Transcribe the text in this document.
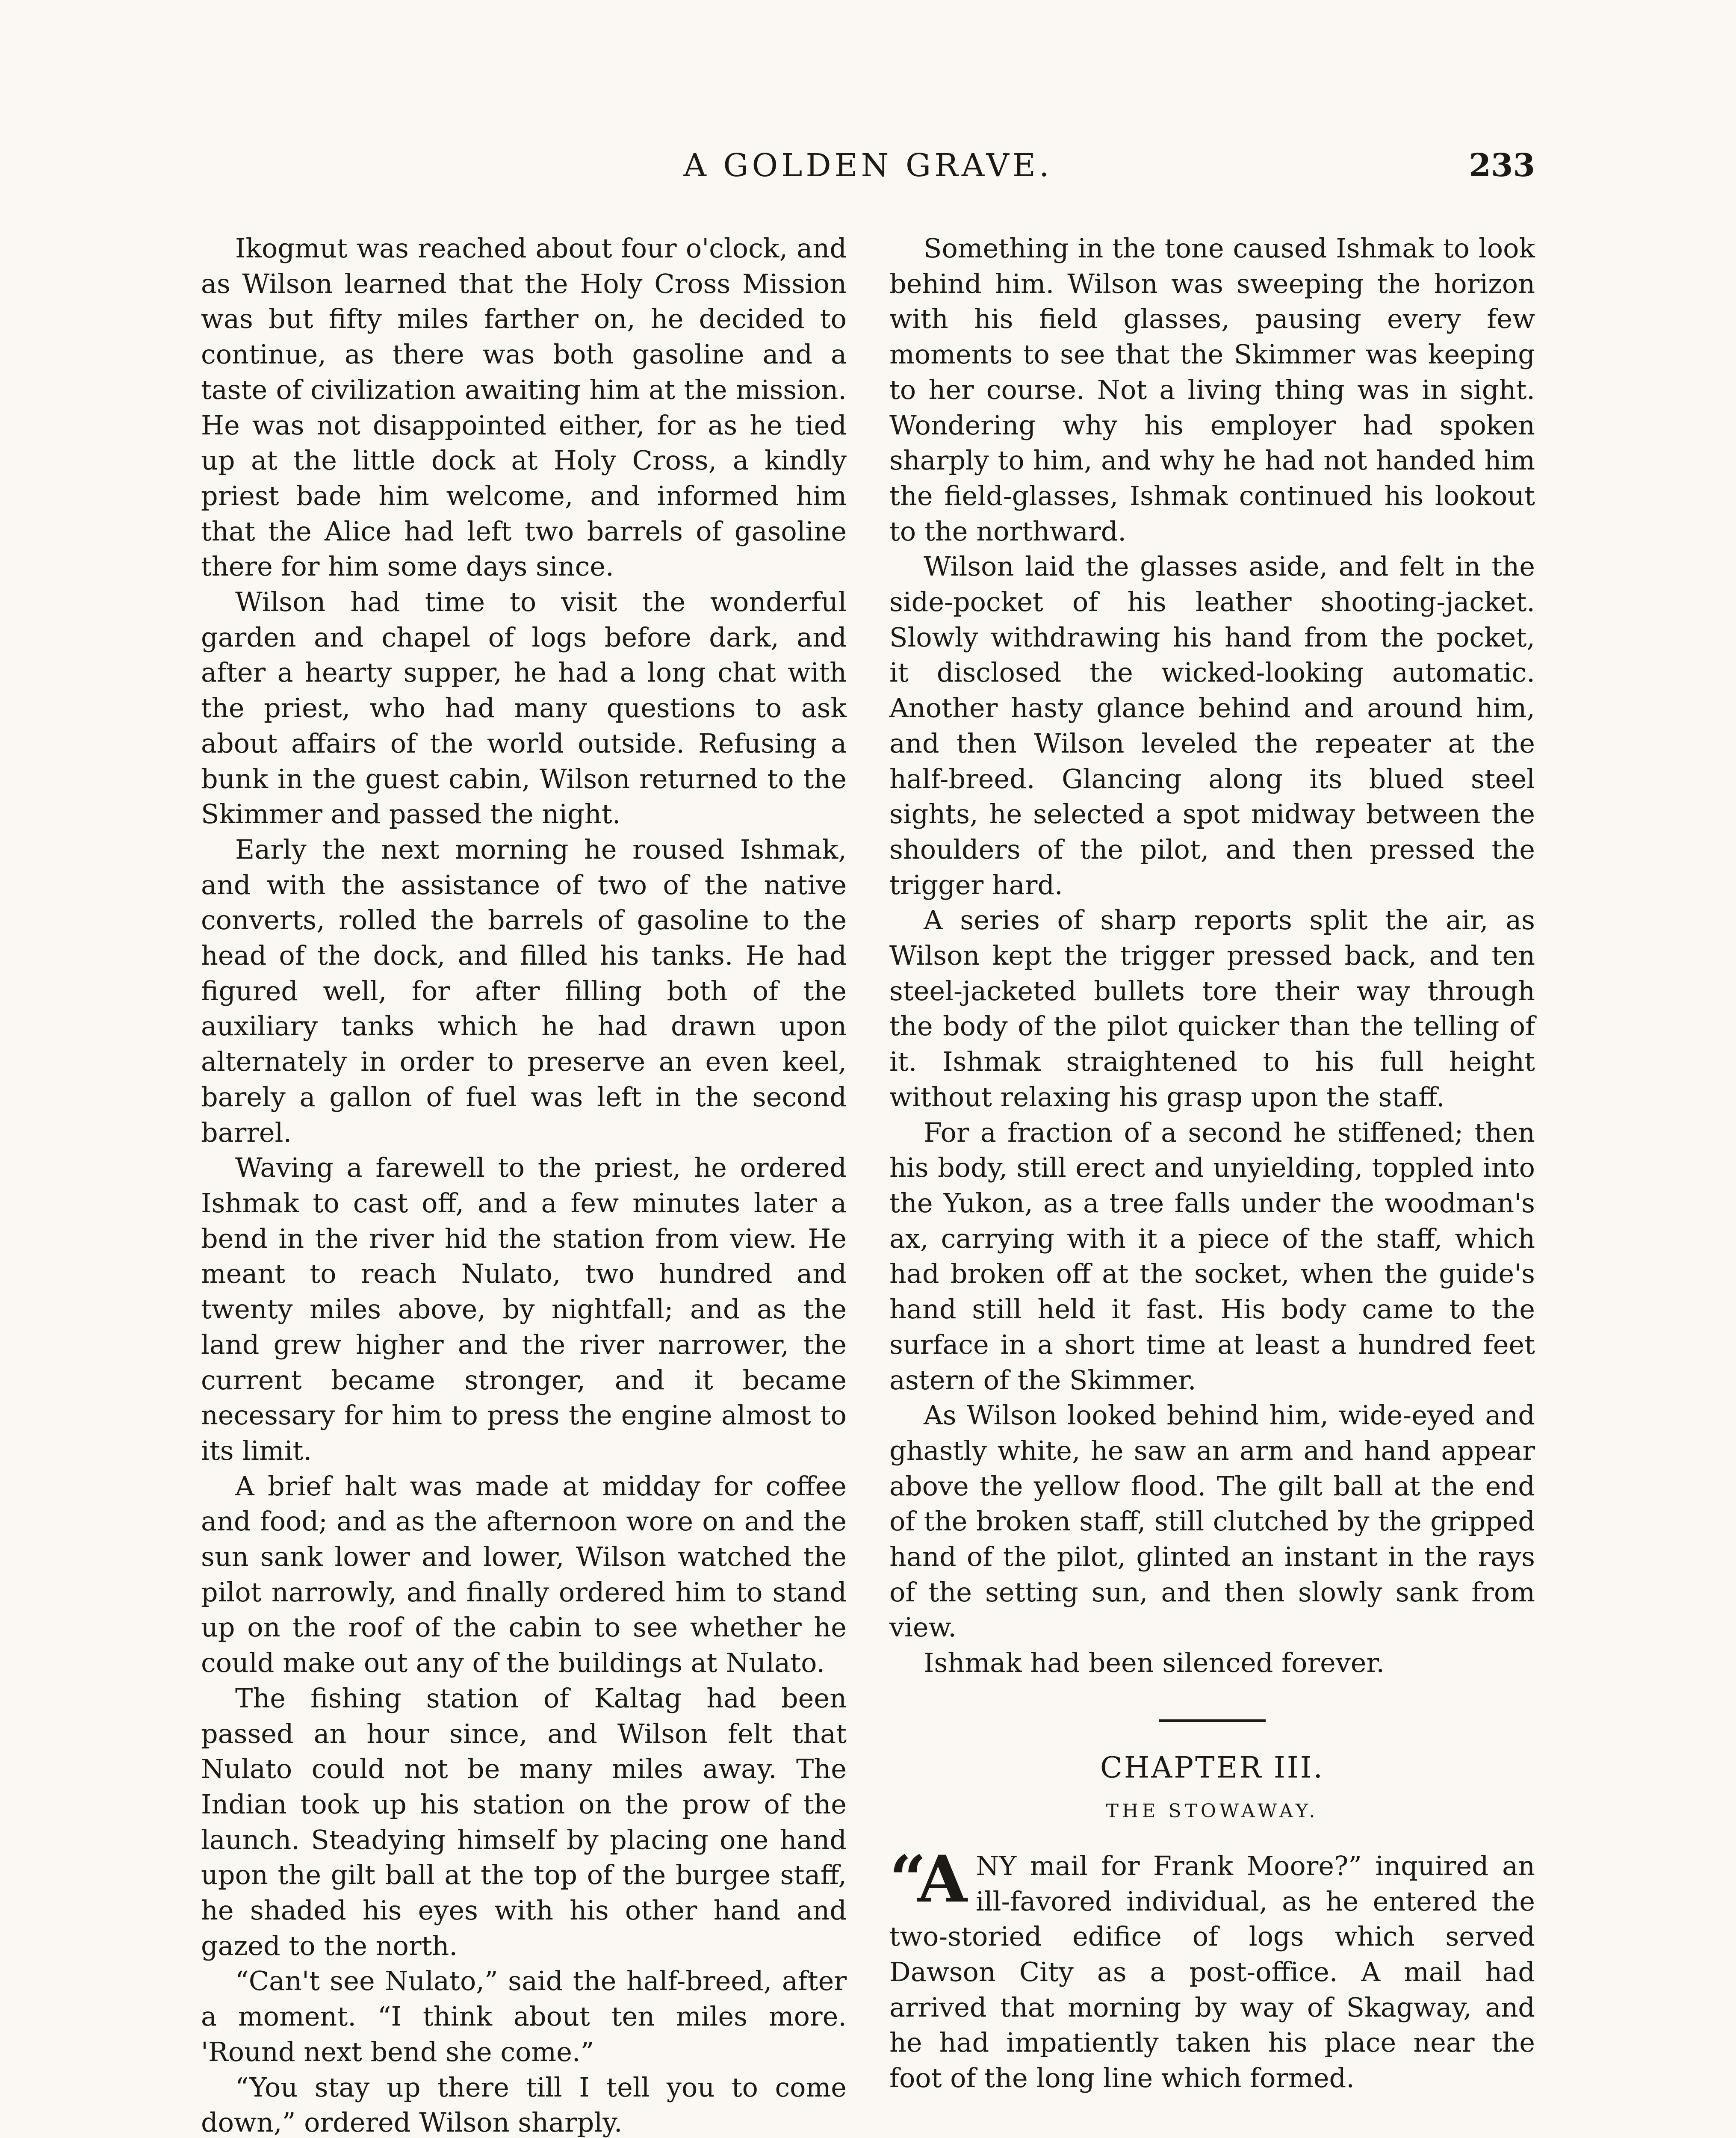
A GOLDEN GRAVE.	233

Ikogmut was reached about four o'clock, and as Wilson learned that the Holy Cross Mission was but fifty miles farther on, he decided to continue, as there was both gasoline and a taste of civilization awaiting him at the mission. He was not disappointed either, for as he tied up at the little dock at Holy Cross, a kindly priest bade him welcome, and informed him that the Alice had left two barrels of gasoline there for him some days since.

Wilson had time to visit the wonderful garden and chapel of logs before dark, and after a hearty supper, he had a long chat with the priest, who had many questions to ask about affairs of the world outside. Refusing a bunk in the guest cabin, Wilson returned to the Skimmer and passed the night.

Early the next morning he roused Ishmak, and with the assistance of two of the native converts, rolled the barrels of gasoline to the head of the dock, and filled his tanks. He had figured well, for after filling both of the auxiliary tanks which he had drawn upon alternately in order to preserve an even keel, barely a gallon of fuel was left in the second barrel.

Waving a farewell to the priest, he ordered Ishmak to cast off, and a few minutes later a bend in the river hid the station from view. He meant to reach Nulato, two hundred and twenty miles above, by nightfall; and as the land grew higher and the river narrower, the current became stronger, and it became necessary for him to press the engine almost to its limit.

A brief halt was made at midday for coffee and food; and as the afternoon wore on and the sun sank lower and lower, Wilson watched the pilot narrowly, and finally ordered him to stand up on the roof of the cabin to see whether he could make out any of the buildings at Nulato.

The fishing station of Kaltag had been passed an hour since, and Wilson felt that Nulato could not be many miles away. The Indian took up his station on the prow of the launch. Steadying himself by placing one hand upon the gilt ball at the top of the burgee staff, he shaded his eyes with his other hand and gazed to the north.

“Can't see Nulato,” said the half-breed, after a moment. “I think about ten miles more. 'Round next bend she come.”

“You stay up there till I tell you to come down,” ordered Wilson sharply.

Something in the tone caused Ishmak to look behind him. Wilson was sweeping the horizon with his field glasses, pausing every few moments to see that the Skimmer was keeping to her course. Not a living thing was in sight. Wondering why his employer had spoken sharply to him, and why he had not handed him the field-glasses, Ishmak continued his lookout to the northward.

Wilson laid the glasses aside, and felt in the side-pocket of his leather shooting-jacket. Slowly withdrawing his hand from the pocket, it disclosed the wicked-looking automatic. Another hasty glance behind and around him, and then Wilson leveled the repeater at the half-breed. Glancing along its blued steel sights, he selected a spot midway between the shoulders of the pilot, and then pressed the trigger hard.

A series of sharp reports split the air, as Wilson kept the trigger pressed back, and ten steel-jacketed bullets tore their way through the body of the pilot quicker than the telling of it. Ishmak straightened to his full height without relaxing his grasp upon the staff.

For a fraction of a second he stiffened; then his body, still erect and unyielding, toppled into the Yukon, as a tree falls under the woodman's ax, carrying with it a piece of the staff, which had broken off at the socket, when the guide's hand still held it fast. His body came to the surface in a short time at least a hundred feet astern of the Skimmer.

As Wilson looked behind him, wide-eyed and ghastly white, he saw an arm and hand appear above the yellow flood. The gilt ball at the end of the broken staff, still clutched by the gripped hand of the pilot, glinted an instant in the rays of the setting sun, and then slowly sank from view.

Ishmak had been silenced forever.

CHAPTER III.
THE STOWAWAY.

“ANY mail for Frank Moore?” inquired an ill-favored individual, as he entered the two-storied edifice of logs which served Dawson City as a post-office. A mail had arrived that morning by way of Skagway, and he had impatiently taken his place near the foot of the long line which formed.
